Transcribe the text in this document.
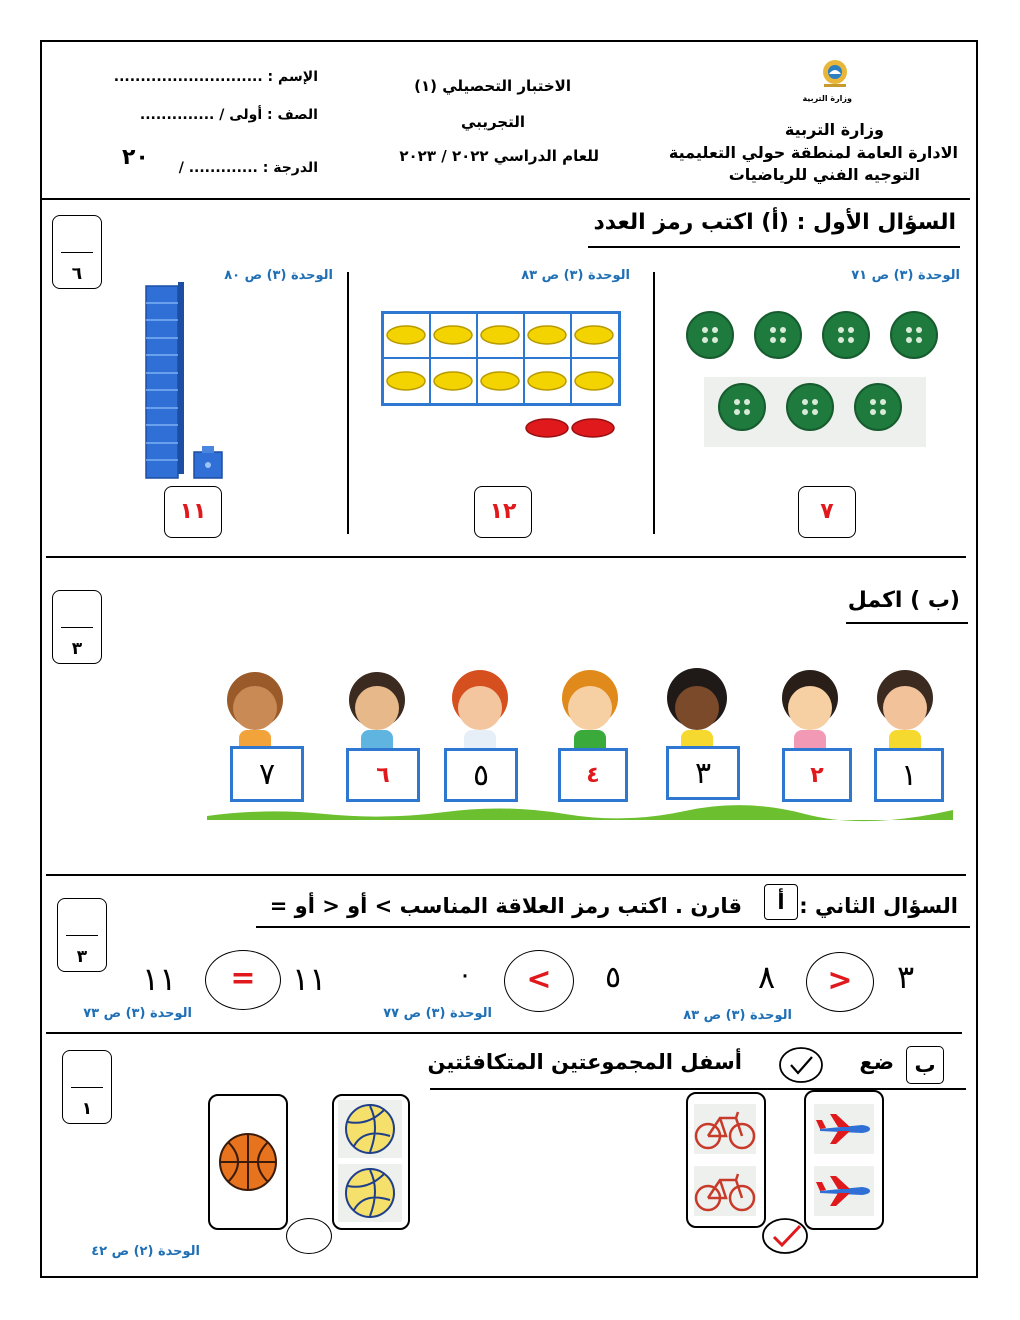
وزارة التربية
وزارة التربية
الادارة العامة لمنطقة حولي التعليمية
التوجيه الفني للرياضيات
الاختبار التحصيلي (١)
التجريبي
للعام الدراسي ٢٠٢٢ / ٢٠٢٣
الإسم : ............................
الصف : أولى / ..............
الدرجة : ............. /
٢٠
السؤال الأول : (أ) اكتب رمز العدد
٦	الوحدة (٣) ص ٧١
الوحدة (٣) ص ٨٣
الوحدة (٣) ص ٨٠
٧
١٢
١١
(ب ) اكمل
٣
١
٢
٣
٤
٥
٦
٧
السؤال الثاني :
أ
قارن . اكتب رمز العلاقة المناسب > أو < أو =
٣
٣
>
٨
الوحدة (٣) ص ٨٣
٥
<
٠
الوحدة (٣) ص ٧٧
١١
=
١١
الوحدة (٣) ص ٧٣
ب
ضع
أسفل المجموعتين المتكافئتين
١
الوحدة (٢) ص ٤٢
